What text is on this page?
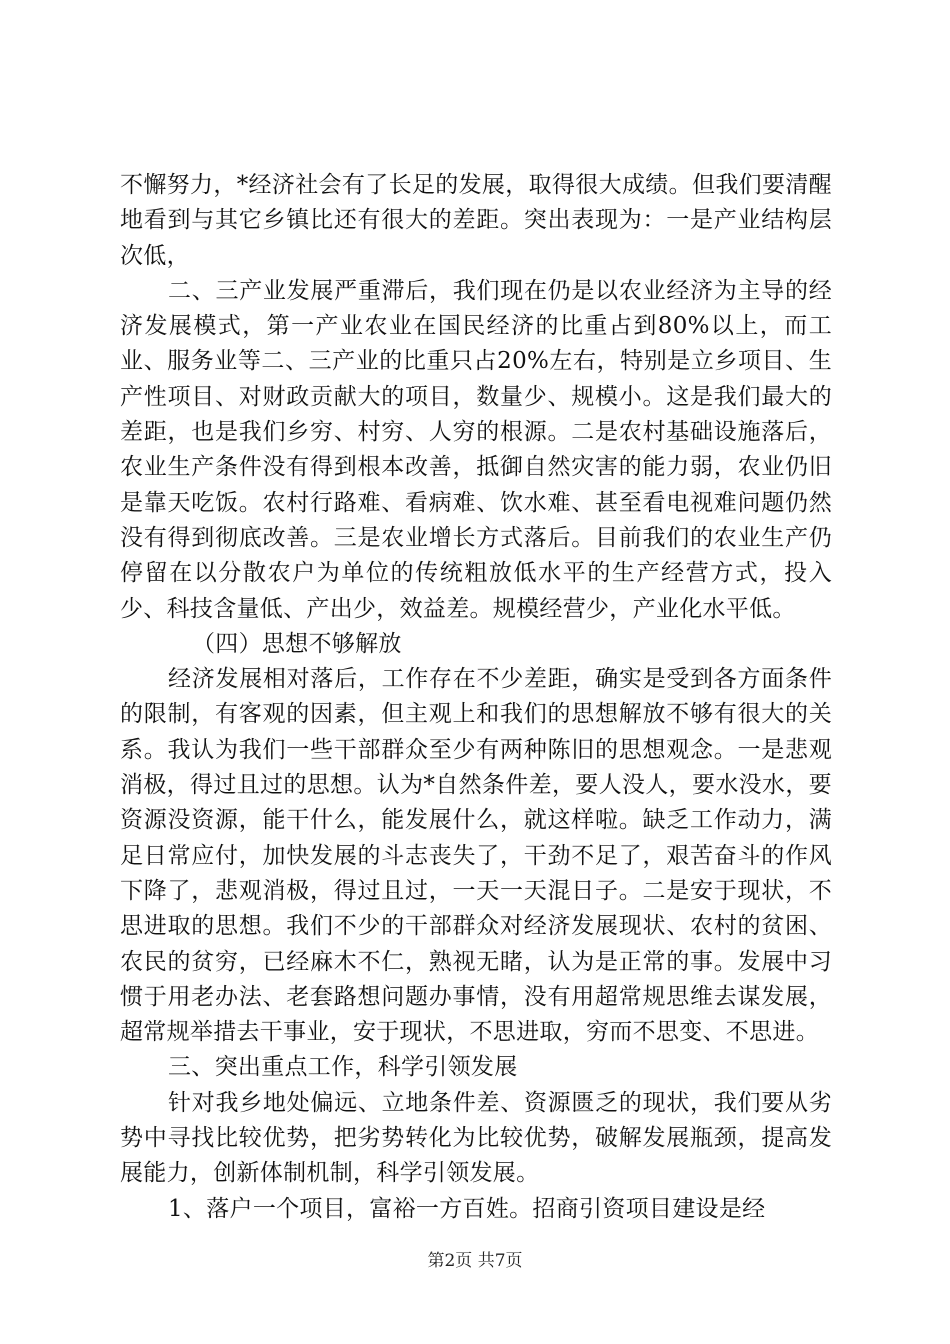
不懈努力，*经济社会有了长足的发展，取得很大成绩。但我们要清醒地看到与其它乡镇比还有很大的差距。突出表现为：一是产业结构层次低，

二、三产业发展严重滞后，我们现在仍是以农业经济为主导的经济发展模式，第一产业农业在国民经济的比重占到80%以上，而工业、服务业等二、三产业的比重只占20%左右，特别是立乡项目、生产性项目、对财政贡献大的项目，数量少、规模小。这是我们最大的差距，也是我们乡穷、村穷、人穷的根源。二是农村基础设施落后，农业生产条件没有得到根本改善，抵御自然灾害的能力弱，农业仍旧是靠天吃饭。农村行路难、看病难、饮水难、甚至看电视难问题仍然没有得到彻底改善。三是农业增长方式落后。目前我们的农业生产仍停留在以分散农户为单位的传统粗放低水平的生产经营方式，投入少、科技含量低、产出少，效益差。规模经营少，产业化水平低。

（四）思想不够解放

经济发展相对落后，工作存在不少差距，确实是受到各方面条件的限制，有客观的因素，但主观上和我们的思想解放不够有很大的关系。我认为我们一些干部群众至少有两种陈旧的思想观念。一是悲观消极，得过且过的思想。认为*自然条件差，要人没人，要水没水，要资源没资源，能干什么，能发展什么，就这样啦。缺乏工作动力，满足日常应付，加快发展的斗志丧失了，干劲不足了，艰苦奋斗的作风下降了，悲观消极，得过且过，一天一天混日子。二是安于现状，不思进取的思想。我们不少的干部群众对经济发展现状、农村的贫困、农民的贫穷，已经麻木不仁，熟视无睹，认为是正常的事。发展中习惯于用老办法、老套路想问题办事情，没有用超常规思维去谋发展，超常规举措去干事业，安于现状，不思进取，穷而不思变、不思进。

三、突出重点工作，科学引领发展

针对我乡地处偏远、立地条件差、资源匮乏的现状，我们要从劣势中寻找比较优势，把劣势转化为比较优势，破解发展瓶颈，提高发展能力，创新体制机制，科学引领发展。

1、落户一个项目，富裕一方百姓。招商引资项目建设是经

第2页 共7页
